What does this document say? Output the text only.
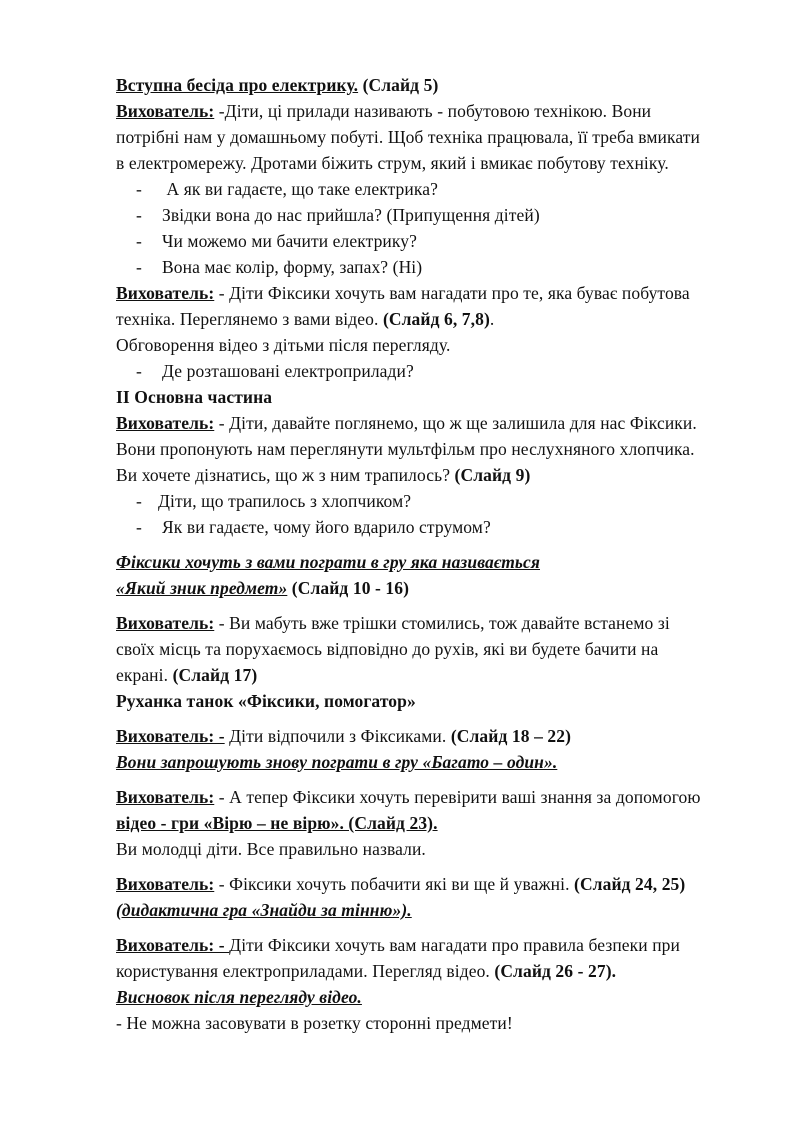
Вступна бесіда про електрику. (Слайд 5)
Вихователь: -Діти, ці прилади називають - побутовою технікою. Вони
потрібні нам у домашньому побуті. Щоб техніка працювала, її треба вмикати
в електромережу. Дротами біжить струм, який і вмикає побутову техніку.
- А як ви гадаєте, що таке електрика?
- Звідки вона до нас прийшла? (Припущення дітей)
- Чи можемо ми бачити електрику?
- Вона має колір, форму, запах? (Ні)
Вихователь: - Діти Фіксики хочуть вам нагадати про те, яка буває побутова
техніка. Переглянемо з вами відео. (Слайд 6, 7,8).
Обговорення відео з дітьми після перегляду.
- Де розташовані електроприлади?
II Основна частина
Вихователь: - Діти, давайте поглянемо, що ж ще залишила для нас Фіксики.
Вони пропонують нам переглянути мультфільм про неслухняного хлопчика.
Ви хочете дізнатись, що ж з ним трапилось? (Слайд 9)
- Діти, що трапилось з хлопчиком?
- Як ви гадаєте, чому його вдарило струмом?
Фіксики хочуть з вами пограти в гру яка називається
«Який зник предмет» (Слайд 10 - 16)
Вихователь: - Ви мабуть вже трішки стомились, тож давайте встанемо зі
своїх місць та поруxаємось відповідно до рухів, які ви будете бачити на
екрані. (Слайд 17)
Руханка танок «Фіксики, помогатор»
Вихователь: - Діти відпочили з Фіксиками. (Слайд 18 – 22)
Вони запрошують знову пограти в гру «Багато – один».
Вихователь: - А тепер Фіксики хочуть перевірити ваші знання за допомогою
відео - гри «Вірю – не вірю». (Слайд 23).
Ви молодці діти. Все правильно назвали.
Вихователь: - Фіксики хочуть побачити які ви ще й уважні. (Слайд 24, 25)
(дидактична гра «Знайди за тінню»).
Вихователь: - Діти Фіксики хочуть вам нагадати про правила безпеки при
користування електроприладами. Перегляд відео. (Слайд 26 - 27).
Висновок після перегляду відео.
- Не можна засовувати в розетку сторонні предмети!
